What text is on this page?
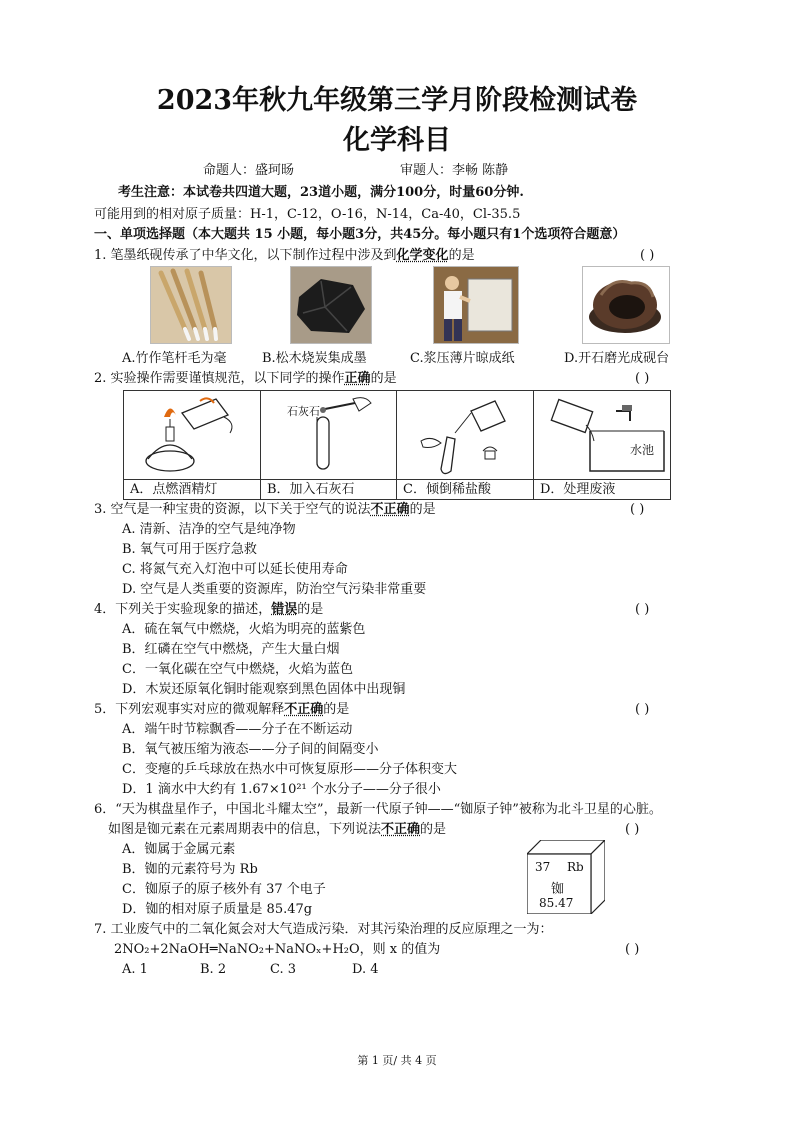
2023年秋九年级第三学月阶段检测试卷
化学科目
命题人：盛珂旸	审题人：李畅 陈静
考生注意：本试卷共四道大题，23道小题，满分100分，时量60分钟.
可能用到的相对原子质量：H-1，C-12，O-16，N-14，Ca-40，Cl-35.5
一、单项选择题（本大题共 15 小题，每小题3分，共45分。每小题只有1个选项符合题意）
1. 笔墨纸砚传承了中华文化，以下制作过程中涉及到化学变化的是	( )
A.竹作笔杆毛为毫	B.松木烧炭集成墨	C.浆压薄片晾成纸	D.开石磨光成砚台
2. 实验操作需要谨慎规范，以下同学的操作正确的是	( )
A．点燃酒精灯
石灰石
B．加入石灰石	C．倾倒稀盐酸
水池
D．处理废液
3. 空气是一种宝贵的资源，以下关于空气的说法不正确的是	( )
A. 清新、洁净的空气是纯净物
B. 氧气可用于医疗急救
C. 将氮气充入灯泡中可以延长使用寿命
D. 空气是人类重要的资源库，防治空气污染非常重要
4．下列关于实验现象的描述，错误的是	( )
A．硫在氧气中燃烧，火焰为明亮的蓝紫色
B．红磷在空气中燃烧，产生大量白烟
C．一氧化碳在空气中燃烧，火焰为蓝色
D．木炭还原氧化铜时能观察到黑色固体中出现铜
5．下列宏观事实对应的微观解释不正确的是	( )
A．端午时节粽飘香——分子在不断运动
B．氧气被压缩为液态——分子间的间隔变小
C．变瘪的乒乓球放在热水中可恢复原形——分子体积变大
D．1 滴水中大约有 1.67×10²¹ 个水分子——分子很小
6．“天为棋盘星作子，中国北斗耀太空”，最新一代原子钟——“铷原子钟”被称为北斗卫星的心脏。
如图是铷元素在元素周期表中的信息，下列说法不正确的是	( )
A．铷属于金属元素
B．铷的元素符号为 Rb
C．铷原子的原子核外有 37 个电子
D．铷的相对原子质量是 85.47g
37 Rb
铷
85.47
7. 工业废气中的二氧化氮会对大气造成污染．对其污染治理的反应原理之一为：
2NO₂+2NaOH═NaNO₂+NaNOₓ+H₂O，则 x 的值为	( )
A. 1	B. 2	C. 3	D. 4
第 1 页/ 共 4 页
